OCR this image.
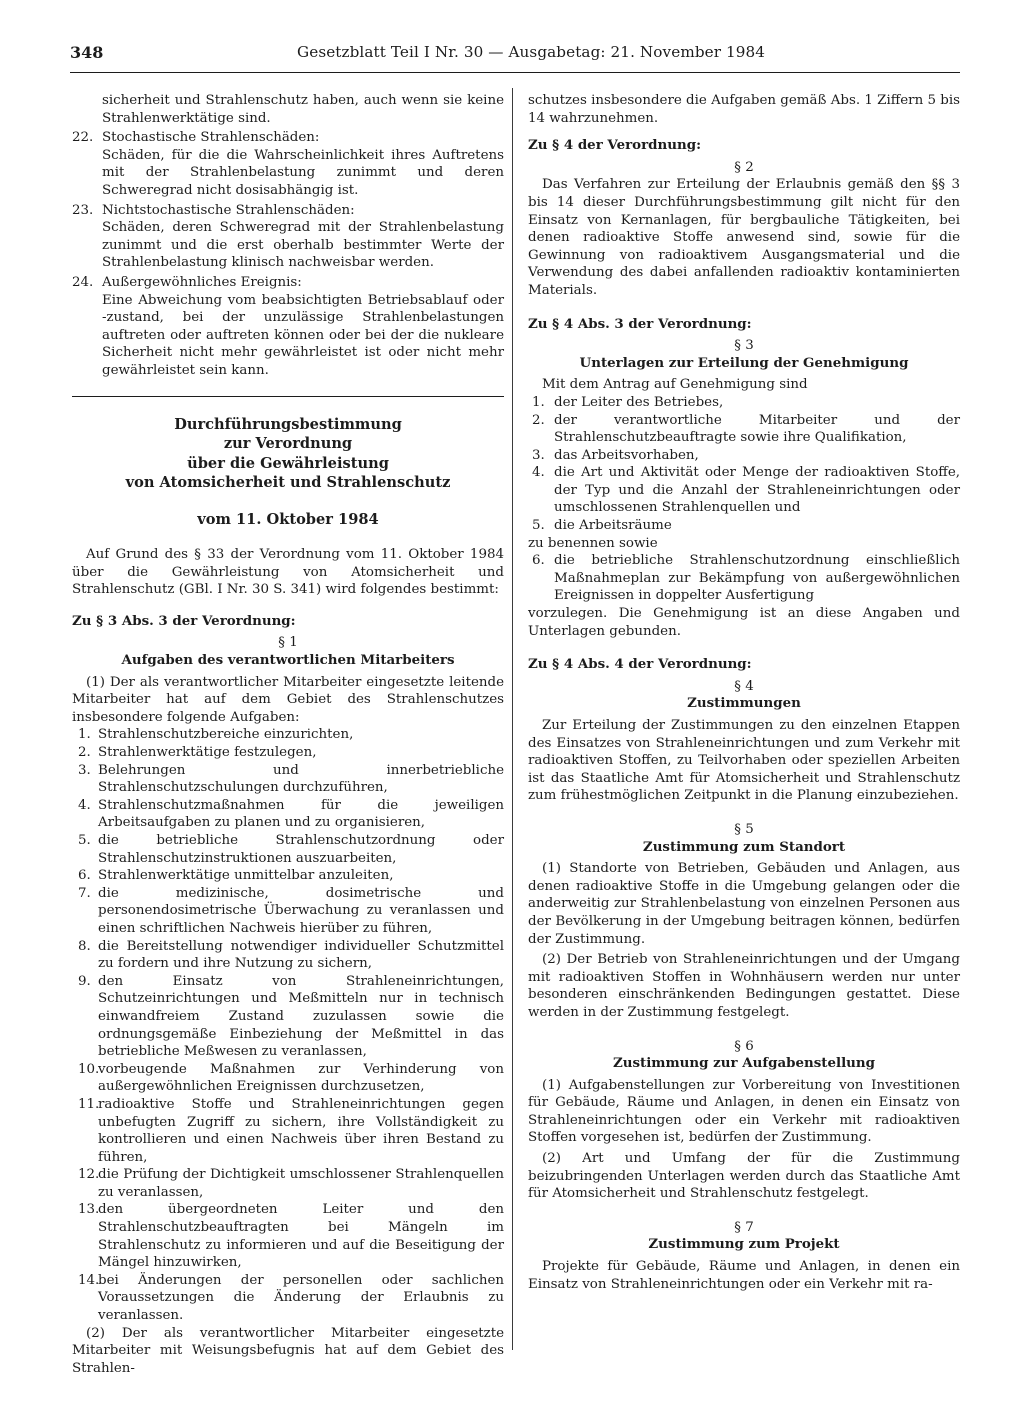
348	Gesetzblatt Teil I Nr. 30 — Ausgabetag: 21. November 1984

sicherheit und Strahlenschutz haben, auch wenn sie keine Strahlenwerktätige sind.

22. Stochastische Strahlenschäden:

Schäden, für die die Wahrscheinlichkeit ihres Auftretens mit der Strahlenbelastung zunimmt und deren Schweregrad nicht dosisabhängig ist.

23. Nichtstochastische Strahlenschäden:

Schäden, deren Schweregrad mit der Strahlenbelastung zunimmt und die erst oberhalb bestimmter Werte der Strahlenbelastung klinisch nachweisbar werden.

24. Außergewöhnliches Ereignis:

Eine Abweichung vom beabsichtigten Betriebsablauf oder -zustand, bei der unzulässige Strahlenbelastungen auftreten oder auftreten können oder bei der die nukleare Sicherheit nicht mehr gewährleistet ist oder nicht mehr gewährleistet sein kann.

Durchführungsbestimmung
zur Verordnung
über die Gewährleistung
von Atomsicherheit und Strahlenschutz
vom 11. Oktober 1984

Auf Grund des § 33 der Verordnung vom 11. Oktober 1984 über die Gewährleistung von Atomsicherheit und Strahlenschutz (GBl. I Nr. 30 S. 341) wird folgendes bestimmt:

Zu § 3 Abs. 3 der Verordnung:
§ 1
Aufgaben des verantwortlichen Mitarbeiters

(1) Der als verantwortlicher Mitarbeiter eingesetzte leitende Mitarbeiter hat auf dem Gebiet des Strahlenschutzes insbesondere folgende Aufgaben:

1. Strahlenschutzbereiche einzurichten,
2. Strahlenwerktätige festzulegen,
3. Belehrungen und innerbetriebliche Strahlenschutzschulungen durchzuführen,
4. Strahlenschutzmaßnahmen für die jeweiligen Arbeitsaufgaben zu planen und zu organisieren,
5. die betriebliche Strahlenschutzordnung oder Strahlenschutzinstruktionen auszuarbeiten,
6. Strahlenwerktätige unmittelbar anzuleiten,
7. die medizinische, dosimetrische und personendosimetrische Überwachung zu veranlassen und einen schriftlichen Nachweis hierüber zu führen,
8. die Bereitstellung notwendiger individueller Schutzmittel zu fordern und ihre Nutzung zu sichern,
9. den Einsatz von Strahleneinrichtungen, Schutzeinrichtungen und Meßmitteln nur in technisch einwandfreiem Zustand zuzulassen sowie die ordnungsgemäße Einbeziehung der Meßmittel in das betriebliche Meßwesen zu veranlassen,
10.
vorbeugende Maßnahmen zur Verhinderung von außergewöhnlichen Ereignissen durchzusetzen,
11.
radioaktive Stoffe und Strahleneinrichtungen gegen unbefugten Zugriff zu sichern, ihre Vollständigkeit zu kontrollieren und einen Nachweis über ihren Bestand zu führen,
12.
die Prüfung der Dichtigkeit umschlossener Strahlenquellen zu veranlassen,
13.
den übergeordneten Leiter und den Strahlenschutzbeauftragten bei Mängeln im Strahlenschutz zu informieren und auf die Beseitigung der Mängel hinzuwirken,
14.
bei Änderungen der personellen oder sachlichen Voraussetzungen die Änderung der Erlaubnis zu veranlassen.

(2) Der als verantwortlicher Mitarbeiter eingesetzte Mitarbeiter mit Weisungsbefugnis hat auf dem Gebiet des Strahlen-

schutzes insbesondere die Aufgaben gemäß Abs. 1 Ziffern 5 bis 14 wahrzunehmen.

Zu § 4 der Verordnung:
§ 2

Das Verfahren zur Erteilung der Erlaubnis gemäß den §§ 3 bis 14 dieser Durchführungsbestimmung gilt nicht für den Einsatz von Kernanlagen, für bergbauliche Tätigkeiten, bei denen radioaktive Stoffe anwesend sind, sowie für die Gewinnung von radioaktivem Ausgangsmaterial und die Verwendung des dabei anfallenden radioaktiv kontaminierten Materials.

Zu § 4 Abs. 3 der Verordnung:
§ 3
Unterlagen zur Erteilung der Genehmigung

Mit dem Antrag auf Genehmigung sind

1. der Leiter des Betriebes,
2. der verantwortliche Mitarbeiter und der Strahlenschutzbeauftragte sowie ihre Qualifikation,
3. das Arbeitsvorhaben,
4. die Art und Aktivität oder Menge der radioaktiven Stoffe, der Typ und die Anzahl der Strahleneinrichtungen oder umschlossenen Strahlenquellen und
5. die Arbeitsräume

zu benennen sowie

6. die betriebliche Strahlenschutzordnung einschließlich Maßnahmeplan zur Bekämpfung von außergewöhnlichen Ereignissen in doppelter Ausfertigung

vorzulegen. Die Genehmigung ist an diese Angaben und Unterlagen gebunden.

Zu § 4 Abs. 4 der Verordnung:
§ 4
Zustimmungen

Zur Erteilung der Zustimmungen zu den einzelnen Etappen des Einsatzes von Strahleneinrichtungen und zum Verkehr mit radioaktiven Stoffen, zu Teilvorhaben oder speziellen Arbeiten ist das Staatliche Amt für Atomsicherheit und Strahlenschutz zum frühestmöglichen Zeitpunkt in die Planung einzubeziehen.

§ 5
Zustimmung zum Standort

(1) Standorte von Betrieben, Gebäuden und Anlagen, aus denen radioaktive Stoffe in die Umgebung gelangen oder die anderweitig zur Strahlenbelastung von einzelnen Personen aus der Bevölkerung in der Umgebung beitragen können, bedürfen der Zustimmung.

(2) Der Betrieb von Strahleneinrichtungen und der Umgang mit radioaktiven Stoffen in Wohnhäusern werden nur unter besonderen einschränkenden Bedingungen gestattet. Diese werden in der Zustimmung festgelegt.

§ 6
Zustimmung zur Aufgabenstellung

(1) Aufgabenstellungen zur Vorbereitung von Investitionen für Gebäude, Räume und Anlagen, in denen ein Einsatz von Strahleneinrichtungen oder ein Verkehr mit radioaktiven Stoffen vorgesehen ist, bedürfen der Zustimmung.

(2) Art und Umfang der für die Zustimmung beizubringenden Unterlagen werden durch das Staatliche Amt für Atomsicherheit und Strahlenschutz festgelegt.

§ 7
Zustimmung zum Projekt

Projekte für Gebäude, Räume und Anlagen, in denen ein Einsatz von Strahleneinrichtungen oder ein Verkehr mit ra-
